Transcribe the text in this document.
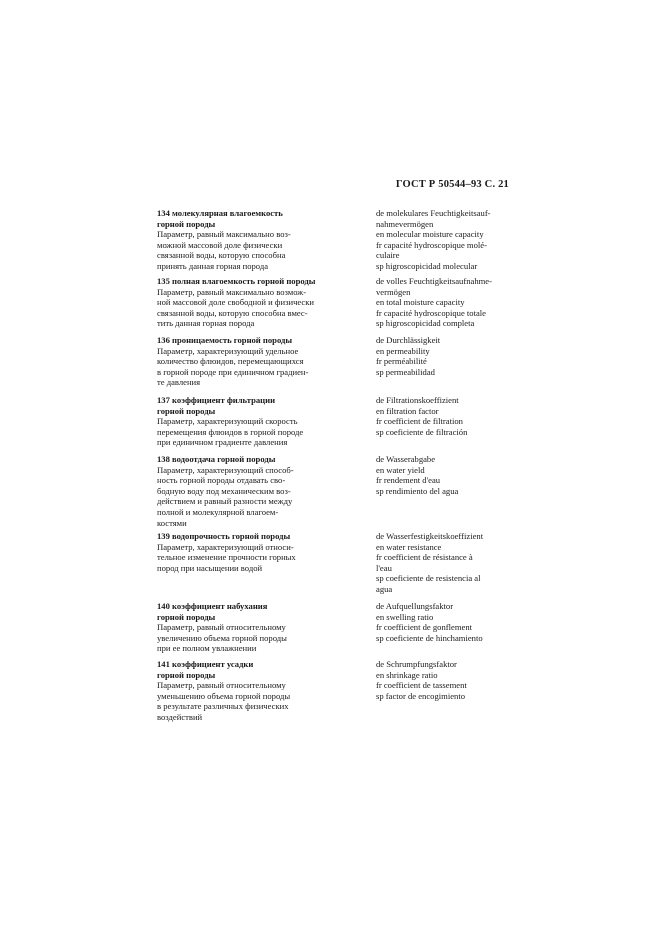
ГОСТ Р 50544–93 С. 21
134 молекулярная влагоемкость
горной породы
Параметр, равный максимально воз-
можной массовой доле физически
связанной воды, которую способна
принять данная горная порода
de molekulares Feuchtigkeitsauf-
nahmevermögen
en molecular moisture capacity
fr capacité hydroscopique molé-
culaire
sp higroscopicidad molecular
135 полная влагоемкость горной породы
Параметр, равный максимально возмож-
ной массовой доле свободной и физически
связанной воды, которую способна вмес-
тить данная горная порода
de volles Feuchtigkeitsaufnahme-
vermögen
en total moisture capacity
fr capacité hydroscopique totale
sp higroscopicidad completa
136 проницаемость горной породы
Параметр, характеризующий удельное
количество флюидов, перемещающихся
в горной породе при единичном градиен-
те давления
de Durchlässigkeit
en permeability
fr perméabilité
sp permeabilidad
137 коэффициент фильтрации
горной породы
Параметр, характеризующий скорость
перемещения флюидов в горной породе
при единичном градиенте давления
de Filtrationskoeffizient
en filtration factor
fr coefficient de filtration
sp coeficiente de filtración
138 водоотдача горной породы
Параметр, характеризующий способ-
ность горной породы отдавать сво-
бодную воду под механическим воз-
действием и равный разности между
полной и молекулярной влагоем-
костями
de Wasserabgabe
en water yield
fr rendement d'eau
sp rendimiento del agua
139 водопрочность горной породы
Параметр, характеризующий относи-
тельное изменение прочности горных
пород при насыщении водой
de Wasserfestigkeitskoeffizient
en water resistance
fr coefficient de résistance à
l'eau
sp coeficiente de resistencia al
agua
140 коэффициент набухания
горной породы
Параметр, равный относительному
увеличению объема горной породы
при ее полном увлажнении
de Aufquellungsfaktor
en swelling ratio
fr coefficient de gonflement
sp coeficiente de hinchamiento
141 коэффициент усадки
горной породы
Параметр, равный относительному
уменьшению объема горной породы
в результате различных физических
воздействий
de Schrumpfungsfaktor
en shrinkage ratio
fr coefficient de tassement
sp factor de encogimiento
